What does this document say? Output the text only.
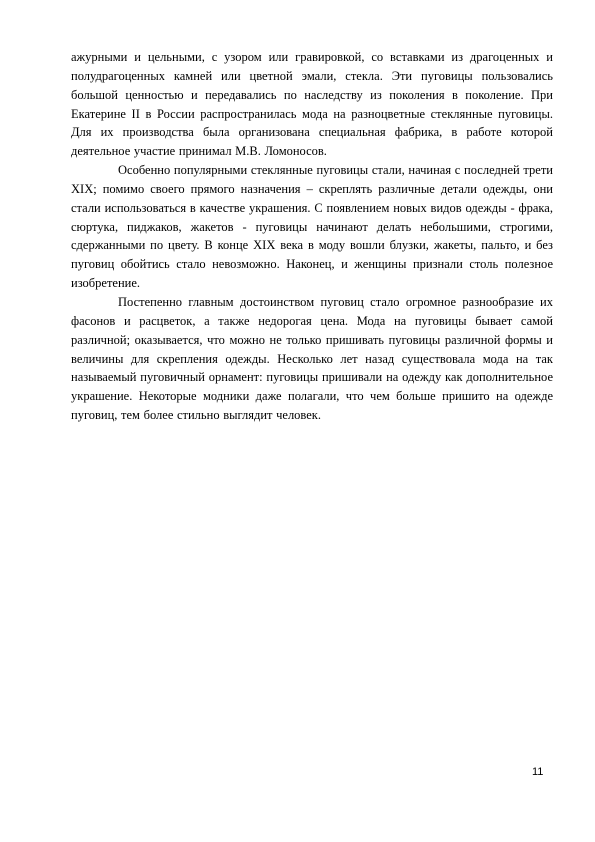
ажурными и цельными, с узором или гравировкой, со вставками из драгоценных и полудрагоценных камней или цветной эмали, стекла. Эти пуговицы пользовались большой ценностью и передавались по наследству из поколения в поколение. При Екатерине II в России распространилась мода на разноцветные стеклянные пуговицы. Для их производства была организована специальная фабрика, в работе которой деятельное участие принимал М.В. Ломоносов.

Особенно популярными стеклянные пуговицы стали, начиная с последней трети XIX; помимо своего прямого назначения – скреплять различные детали одежды, они стали использоваться в качестве украшения. С появлением новых видов одежды - фрака, сюртука, пиджаков, жакетов - пуговицы начинают делать небольшими, строгими, сдержанными по цвету. В конце XIX века в моду вошли блузки, жакеты, пальто, и без пуговиц обойтись стало невозможно. Наконец, и женщины признали столь полезное изобретение.

Постепенно главным достоинством пуговиц стало огромное разнообразие их фасонов и расцветок, а также недорогая цена. Мода на пуговицы бывает самой различной; оказывается, что можно не только пришивать пуговицы различной формы и величины для скрепления одежды. Несколько лет назад существовала мода на так называемый пуговичный орнамент: пуговицы пришивали на одежду как дополнительное украшение. Некоторые модники даже полагали, что чем больше пришито на одежде пуговиц, тем более стильно выглядит человек.

11
